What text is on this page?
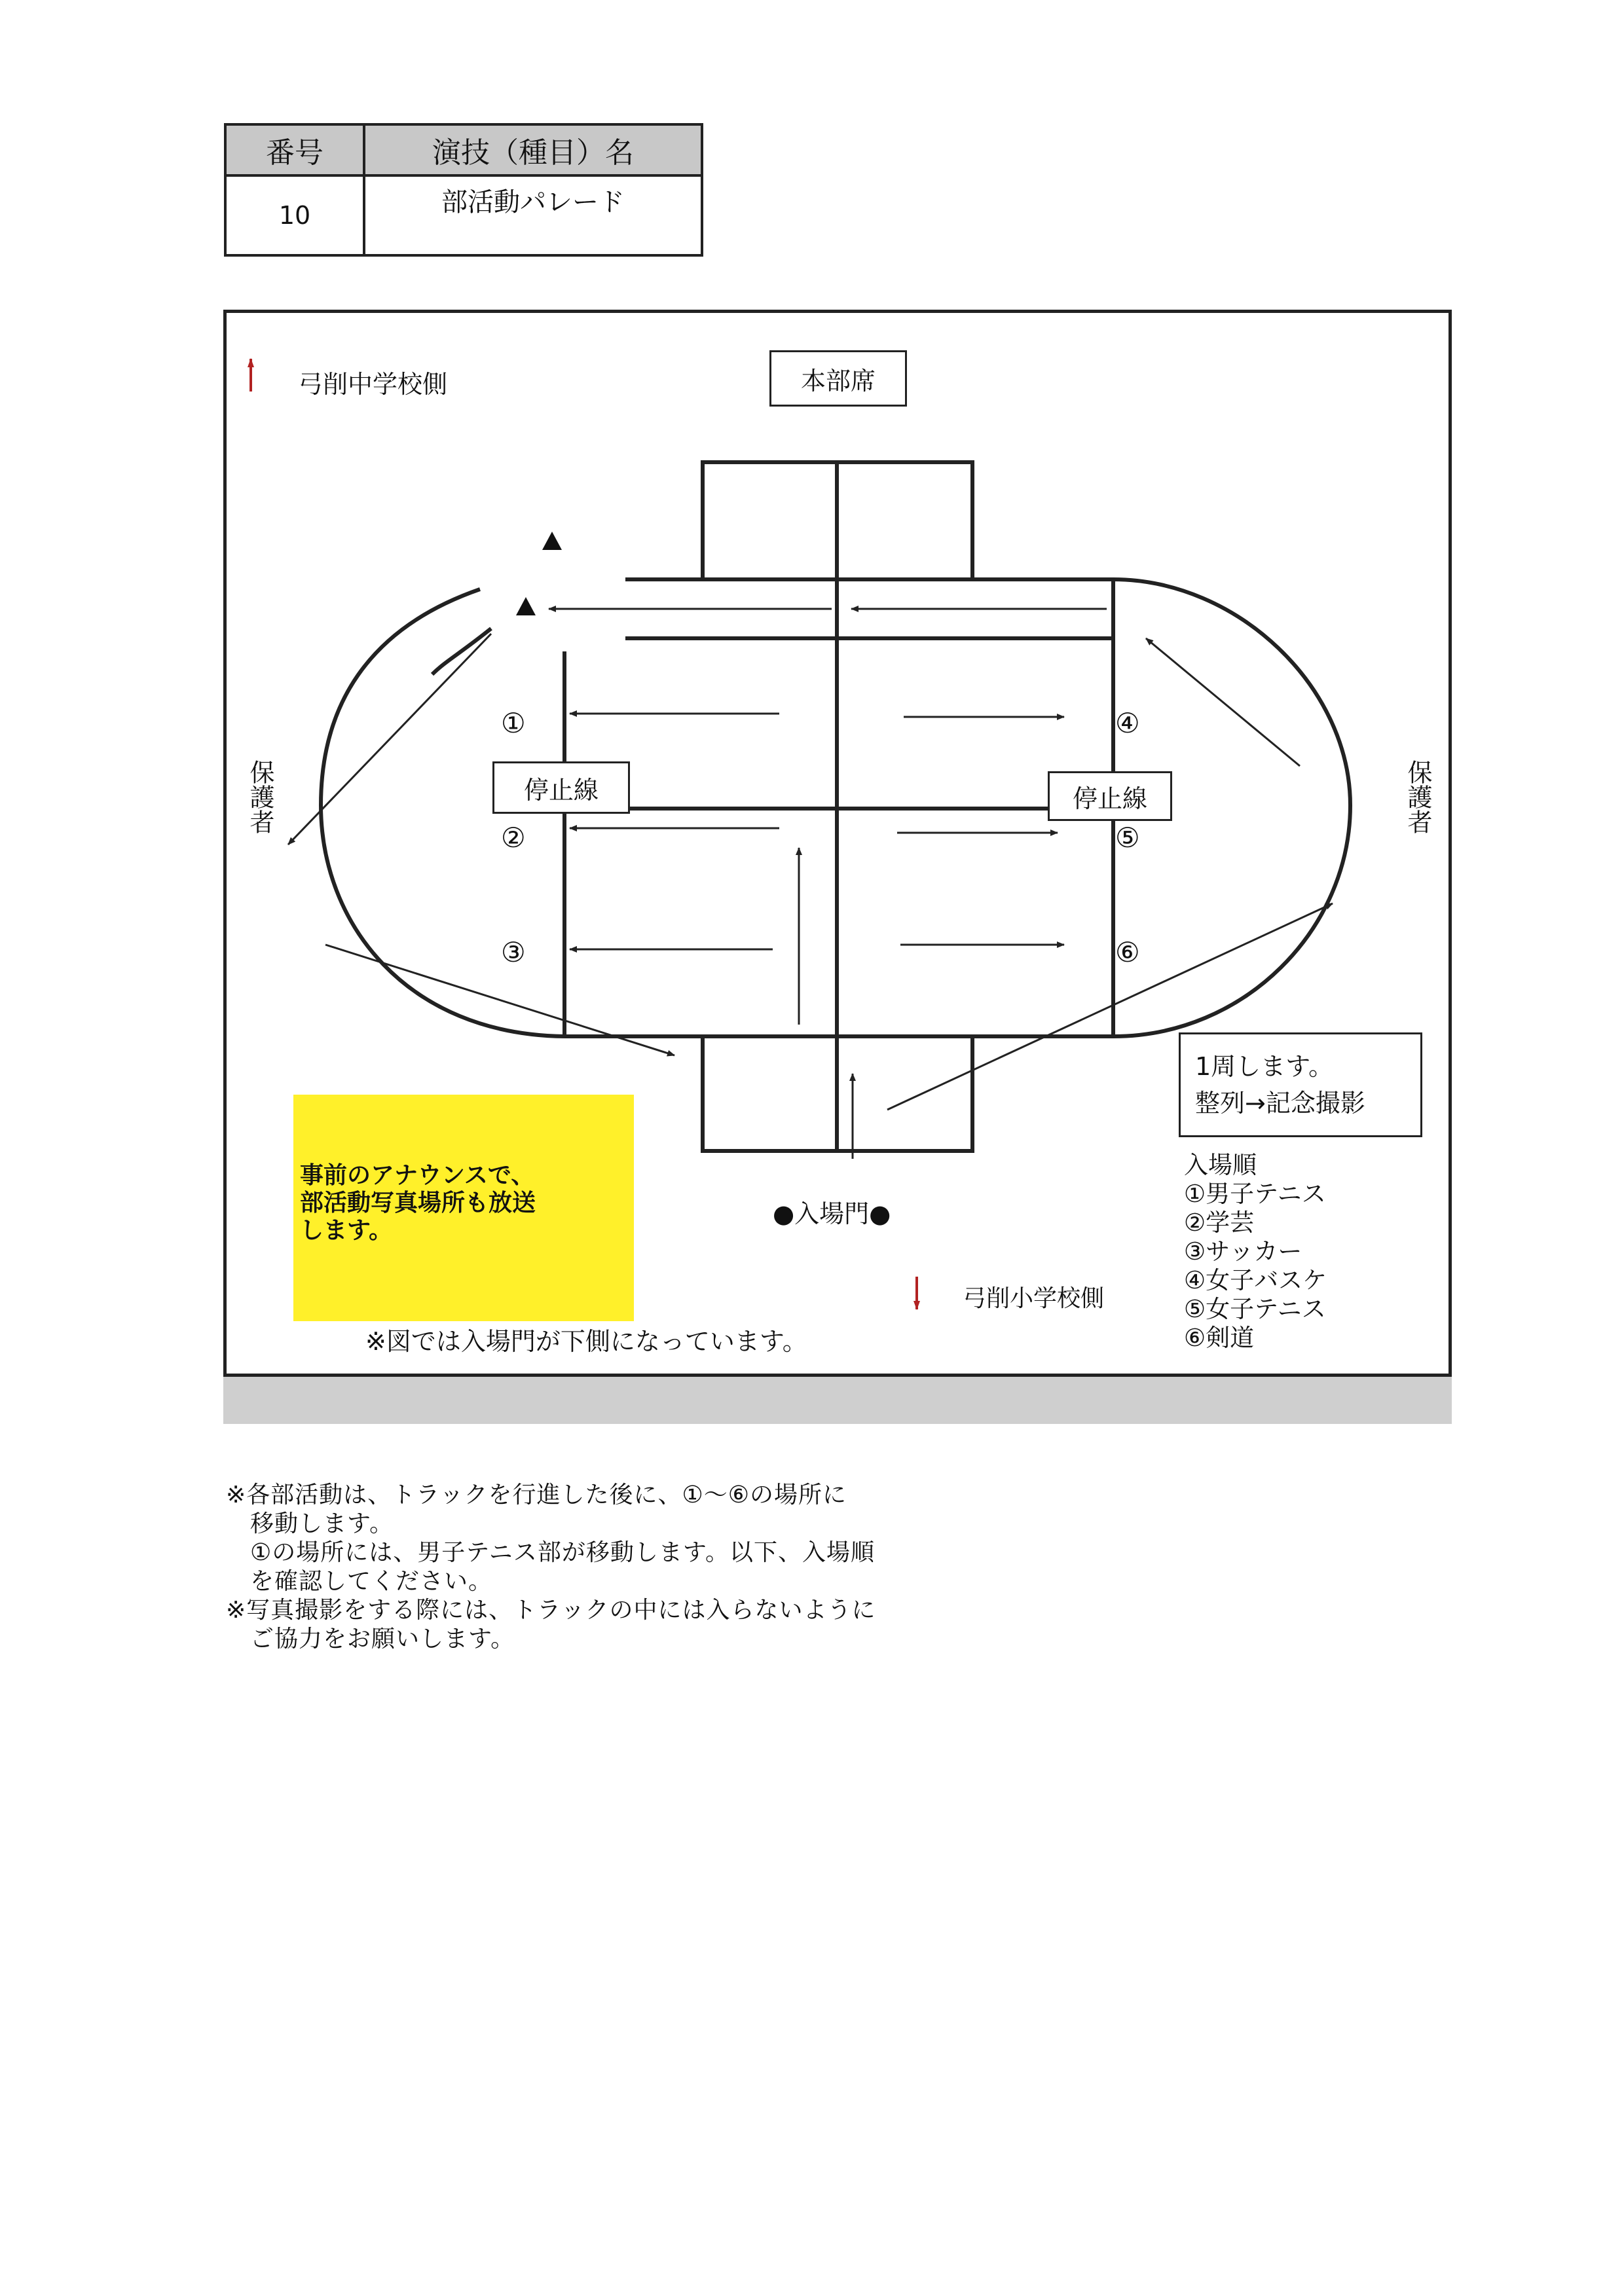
番号	演技（種目）名
10	部活動パレード
弓削中学校側	本部席
保護者	保護者
停止線	停止線
①
②
③
④
⑤
⑥
1周します。
整列→記念撮影
事前のアナウンスで、
部活動写真場所も放送
します。
●入場門●
弓削小学校側
※図では入場門が下側になっています。
入場順
①男子テニス
②学芸
③サッカー
④女子バスケ
⑤女子テニス
⑥剣道
※各部活動は、トラックを行進した後に、①～⑥の場所に
　移動します。
　①の場所には、男子テニス部が移動します。以下、入場順
　を確認してください。
※写真撮影をする際には、トラックの中には入らないように
　ご協力をお願いします。
